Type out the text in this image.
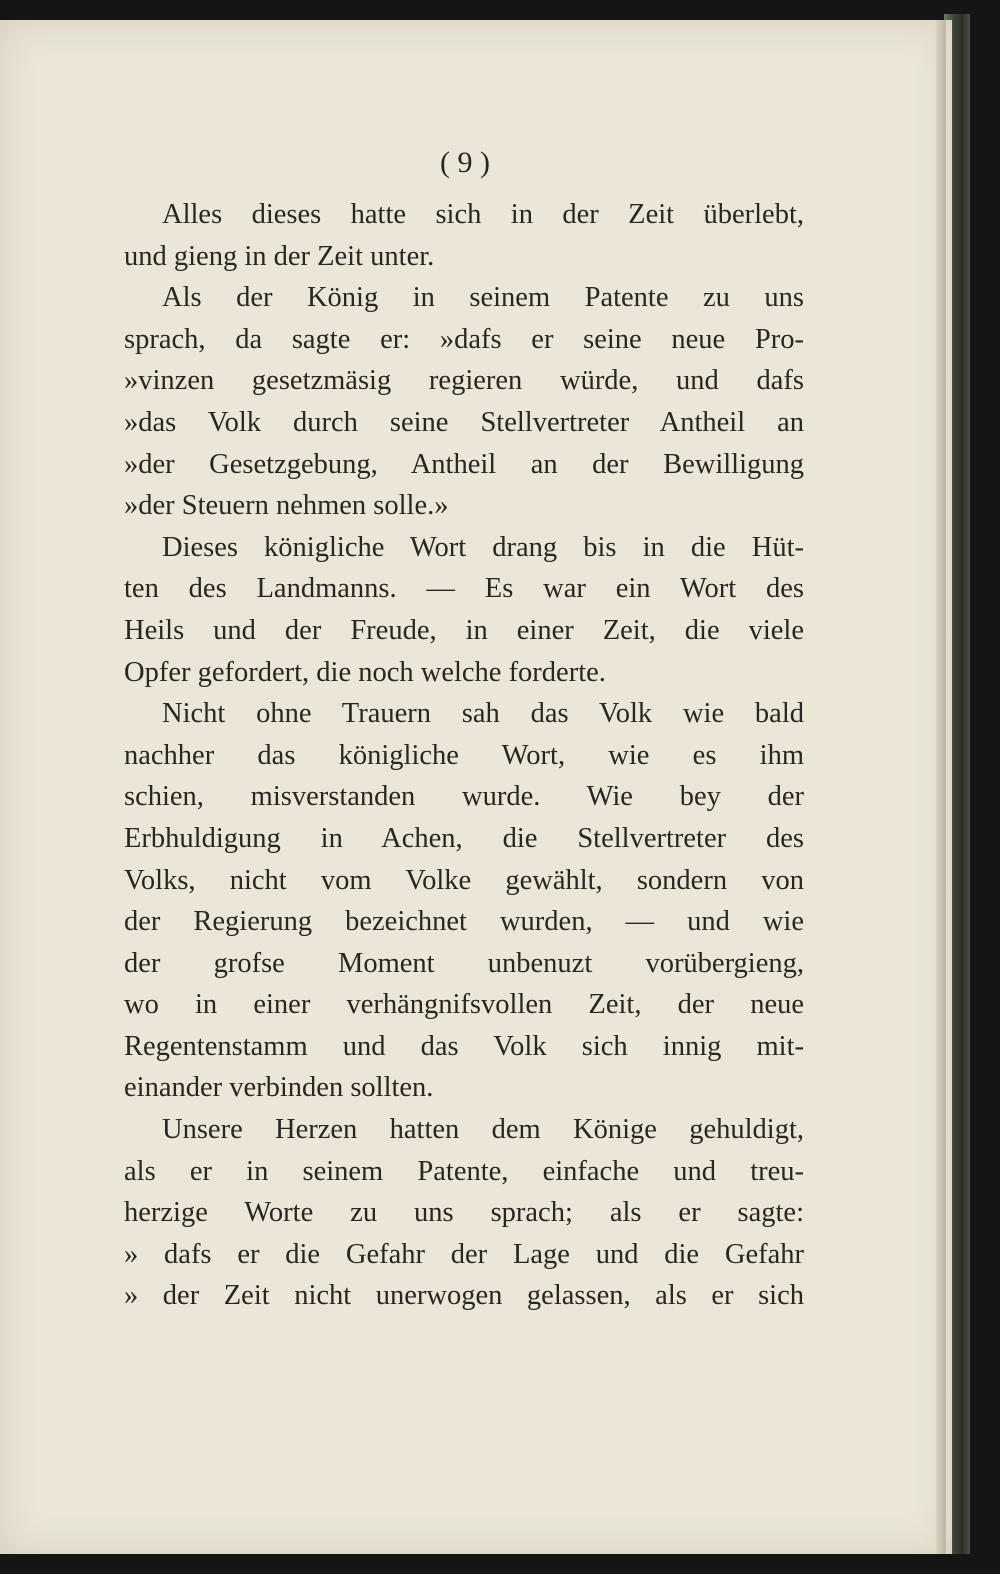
( 9 )
Alles dieses hatte sich in der Zeit überlebt,
und gieng in der Zeit unter.
Als der König in seinem Patente zu uns
sprach, da sagte er: »dafs er seine neue Pro-
»vinzen gesetzmäsig regieren würde, und dafs
»das Volk durch seine Stellvertreter Antheil an
»der Gesetzgebung, Antheil an der Bewilligung
»der Steuern nehmen solle.»
Dieses königliche Wort drang bis in die Hüt-
ten des Landmanns. — Es war ein Wort des
Heils und der Freude, in einer Zeit, die viele
Opfer gefordert, die noch welche forderte.
Nicht ohne Trauern sah das Volk wie bald
nachher das königliche Wort, wie es ihm
schien, misverstanden wurde. Wie bey der
Erbhuldigung in Achen, die Stellvertreter des
Volks, nicht vom Volke gewählt, sondern von
der Regierung bezeichnet wurden, — und wie
der grofse Moment unbenuzt vorübergieng,
wo in einer verhängnifsvollen Zeit, der neue
Regentenstamm und das Volk sich innig mit-
einander verbinden sollten.
Unsere Herzen hatten dem Könige gehuldigt,
als er in seinem Patente, einfache und treu-
herzige Worte zu uns sprach; als er sagte:
» dafs er die Gefahr der Lage und die Gefahr
» der Zeit nicht unerwogen gelassen, als er sich
